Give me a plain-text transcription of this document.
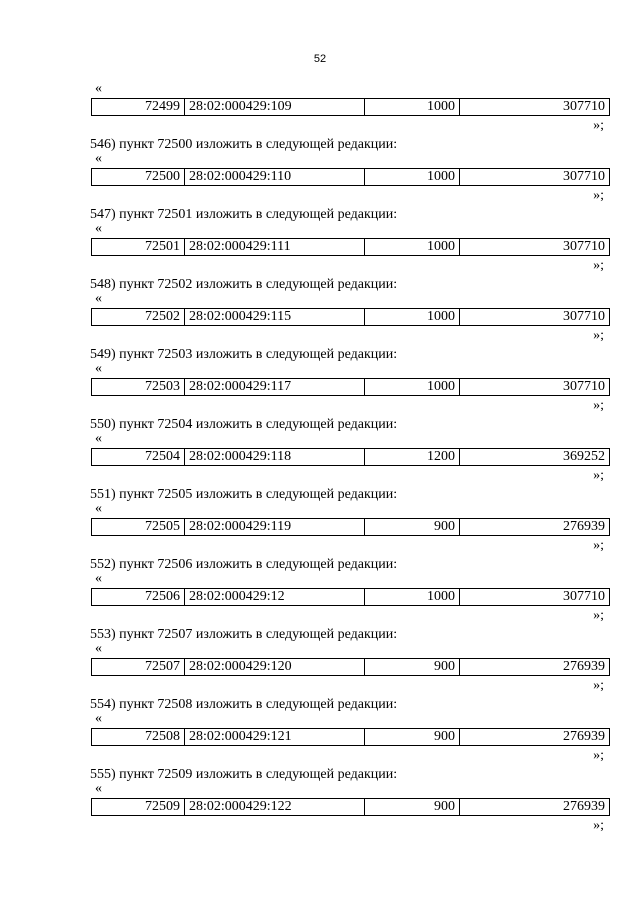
52
«
72499 28:02:000429:109	1000	307710
»;
546) пункт 72500 изложить в следующей редакции:
«
72500 28:02:000429:110	1000	307710
»;
547) пункт 72501 изложить в следующей редакции:
«
72501 28:02:000429:111	1000	307710
»;
548) пункт 72502 изложить в следующей редакции:
«
72502 28:02:000429:115	1000	307710
»;
549) пункт 72503 изложить в следующей редакции:
«
72503 28:02:000429:117	1000	307710
»;
550) пункт 72504 изложить в следующей редакции:
«
72504 28:02:000429:118	1200	369252
»;
551) пункт 72505 изложить в следующей редакции:
«
72505 28:02:000429:119	900	276939
»;
552) пункт 72506 изложить в следующей редакции:
«
72506 28:02:000429:12	1000	307710
»;
553) пункт 72507 изложить в следующей редакции:
«
72507 28:02:000429:120	900	276939
»;
554) пункт 72508 изложить в следующей редакции:
«
72508 28:02:000429:121	900	276939
»;
555) пункт 72509 изложить в следующей редакции:
«
72509 28:02:000429:122	900	276939
»;
